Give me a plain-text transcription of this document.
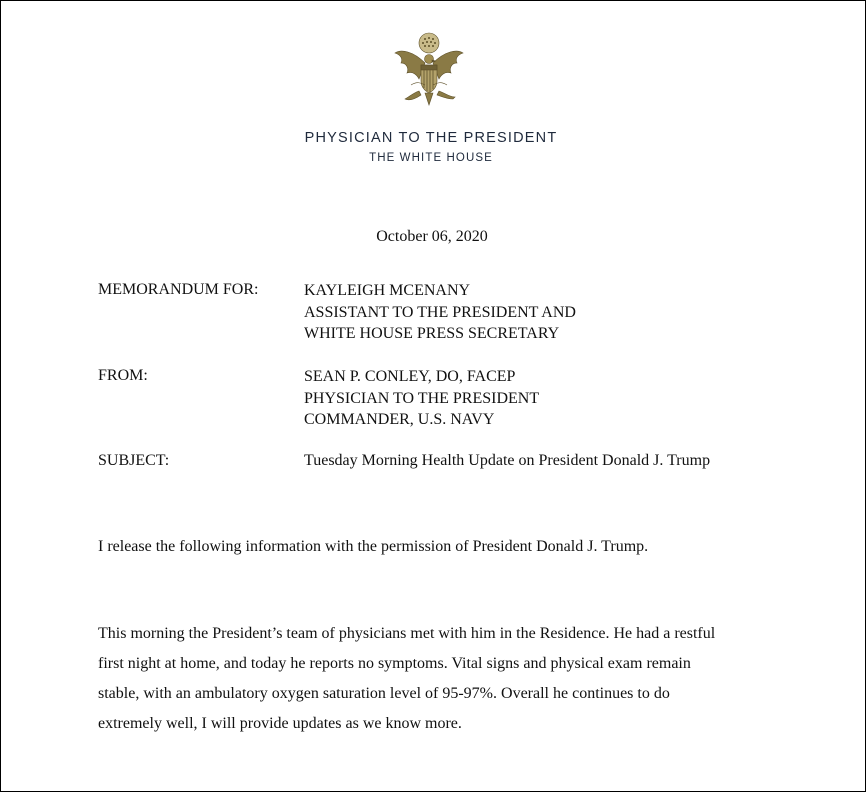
PHYSICIAN TO THE PRESIDENT
THE WHITE HOUSE
October 06, 2020
MEMORANDUM FOR:	KAYLEIGH MCENANY
ASSISTANT TO THE PRESIDENT AND
WHITE HOUSE PRESS SECRETARY
FROM:	SEAN P. CONLEY, DO, FACEP
PHYSICIAN TO THE PRESIDENT
COMMANDER, U.S. NAVY
SUBJECT:	Tuesday Morning Health Update on President Donald J. Trump
I release the following information with the permission of President Donald J. Trump.
This morning the President’s team of physicians met with him in the Residence. He had a restful
first night at home, and today he reports no symptoms. Vital signs and physical exam remain
stable, with an ambulatory oxygen saturation level of 95-97%. Overall he continues to do
extremely well, I will provide updates as we know more.
